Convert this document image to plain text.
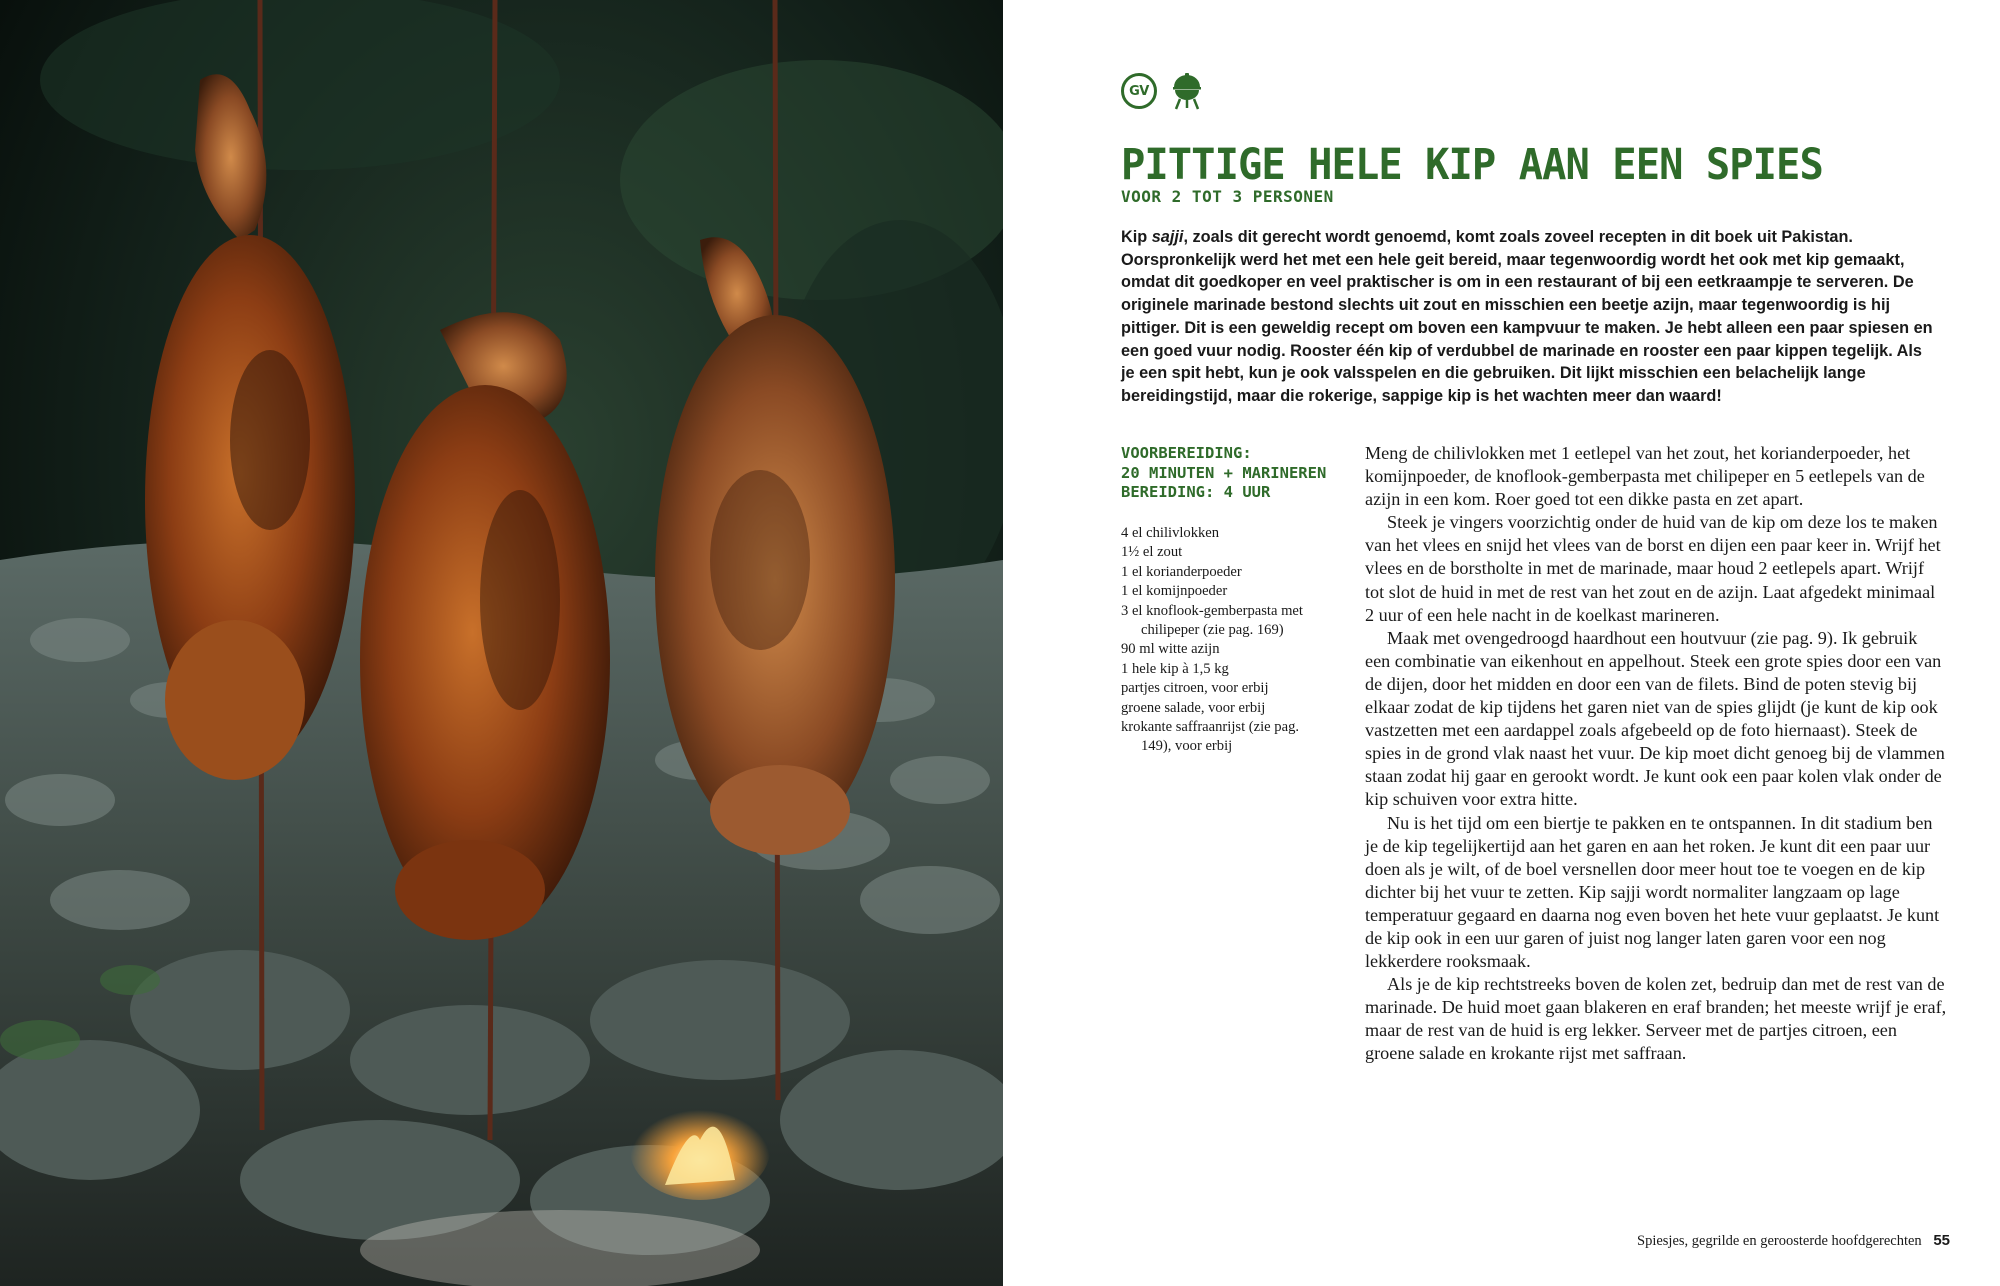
GV
PITTIGE HELE KIP AAN EEN SPIES
VOOR 2 TOT 3 PERSONEN

Kip sajji, zoals dit gerecht wordt genoemd, komt zoals zoveel recepten in dit boek uit Pakistan. Oorspronkelijk werd het met een hele geit bereid, maar tegenwoordig wordt het ook met kip gemaakt, omdat dit goedkoper en veel praktischer is om in een restaurant of bij een eetkraampje te serveren. De originele marinade bestond slechts uit zout en misschien een beetje azijn, maar tegenwoordig is hij pittiger. Dit is een geweldig recept om boven een kampvuur te maken. Je hebt alleen een paar spiesen en een goed vuur nodig. Rooster één kip of verdubbel de marinade en rooster een paar kippen tegelijk. Als je een spit hebt, kun je ook valsspelen en die gebruiken. Dit lijkt misschien een belachelijk lange bereidingstijd, maar die rokerige, sappige kip is het wachten meer dan waard!

VOORBEREIDING:
20 MINUTEN + MARINEREN
BEREIDING: 4 UUR
4 el chilivlokken
1½ el zout
1 el korianderpoeder
1 el komijnpoeder
3 el knoflook-gemberpasta met chilipeper (zie pag. 169)
90 ml witte azijn
1 hele kip à 1,5 kg
partjes citroen, voor erbij
groene salade, voor erbij
krokante saffraanrijst (zie pag. 149), voor erbij

Meng de chilivlokken met 1 eetlepel van het zout, het korianderpoeder, het komijnpoeder, de knoflook-gemberpasta met chilipeper en 5 eetlepels van de azijn in een kom. Roer goed tot een dikke pasta en zet apart.

Steek je vingers voorzichtig onder de huid van de kip om deze los te maken van het vlees en snijd het vlees van de borst en dijen een paar keer in. Wrijf het vlees en de borstholte in met de marinade, maar houd 2 eetlepels apart. Wrijf tot slot de huid in met de rest van het zout en de azijn. Laat afgedekt minimaal 2 uur of een hele nacht in de koelkast marineren.

Maak met ovengedroogd haardhout een houtvuur (zie pag. 9). Ik gebruik een combinatie van eikenhout en appelhout. Steek een grote spies door een van de dijen, door het midden en door een van de filets. Bind de poten stevig bij elkaar zodat de kip tijdens het garen niet van de spies glijdt (je kunt de kip ook vastzetten met een aardappel zoals afgebeeld op de foto hiernaast). Steek de spies in de grond vlak naast het vuur. De kip moet dicht genoeg bij de vlammen staan zodat hij gaar en gerookt wordt. Je kunt ook een paar kolen vlak onder de kip schuiven voor extra hitte.

Nu is het tijd om een biertje te pakken en te ontspannen. In dit stadium ben je de kip tegelijkertijd aan het garen en aan het roken. Je kunt dit een paar uur doen als je wilt, of de boel versnellen door meer hout toe te voegen en de kip dichter bij het vuur te zetten. Kip sajji wordt normaliter langzaam op lage temperatuur gegaard en daarna nog even boven het hete vuur geplaatst. Je kunt de kip ook in een uur garen of juist nog langer laten garen voor een nog lekkerdere rooksmaak.

Als je de kip rechtstreeks boven de kolen zet, bedruip dan met de rest van de marinade. De huid moet gaan blakeren en eraf branden; het meeste wrijf je eraf, maar de rest van de huid is erg lekker. Serveer met de partjes citroen, een groene salade en krokante rijst met saffraan.

Spiesjes, gegrilde en geroosterde hoofdgerechten 55
